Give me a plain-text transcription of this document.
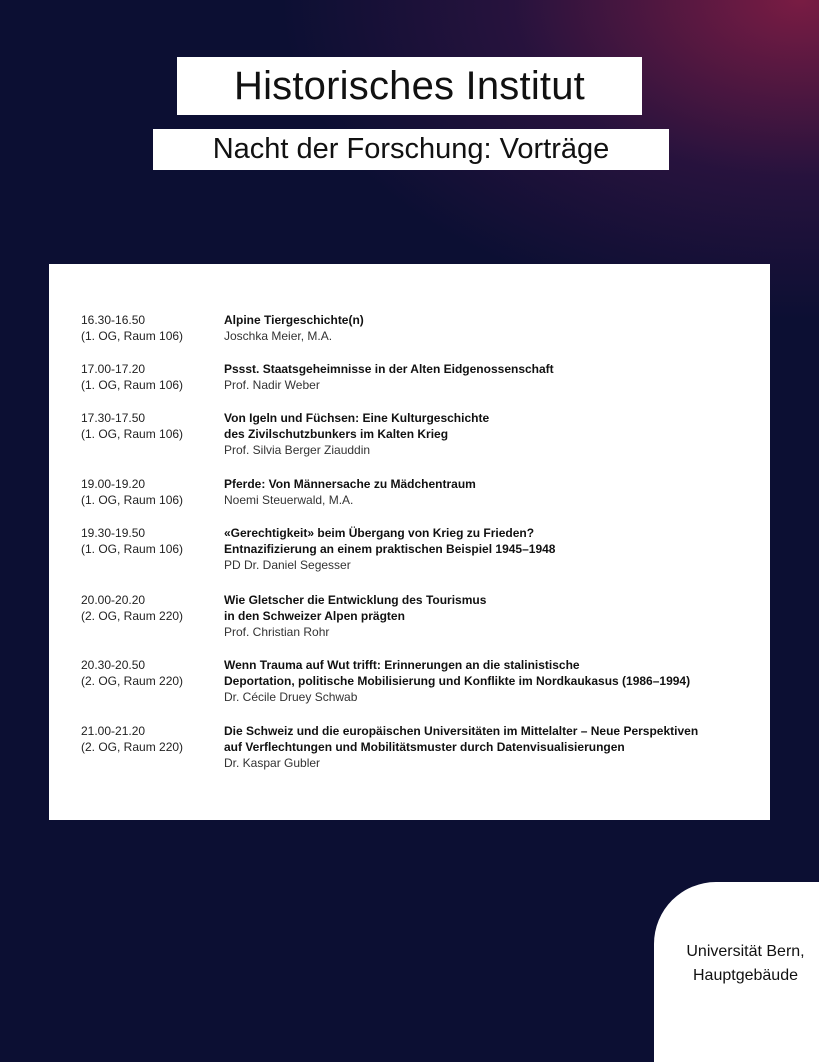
Historisches Institut
Nacht der Forschung: Vorträge
16.30-16.50
(1. OG, Raum 106)
Alpine Tiergeschichte(n)
Joschka Meier, M.A.
17.00-17.20
(1. OG, Raum 106)
Pssst. Staatsgeheimnisse in der Alten Eidgenossenschaft
Prof. Nadir Weber
17.30-17.50
(1. OG, Raum 106)
Von Igeln und Füchsen: Eine Kulturgeschichte
des Zivilschutzbunkers im Kalten Krieg
Prof. Silvia Berger Ziauddin
19.00-19.20
(1. OG, Raum 106)
Pferde: Von Männersache zu Mädchentraum
Noemi Steuerwald, M.A.
19.30-19.50
(1. OG, Raum 106)
«Gerechtigkeit» beim Übergang von Krieg zu Frieden?
Entnazifizierung an einem praktischen Beispiel 1945–1948
PD Dr. Daniel Segesser
20.00-20.20
(2. OG, Raum 220)
Wie Gletscher die Entwicklung des Tourismus
in den Schweizer Alpen prägten
Prof. Christian Rohr
20.30-20.50
(2. OG, Raum 220)
Wenn Trauma auf Wut trifft: Erinnerungen an die stalinistische
Deportation, politische Mobilisierung und Konflikte im Nordkaukasus (1986–1994)
Dr. Cécile Druey Schwab
21.00-21.20
(2. OG, Raum 220)
Die Schweiz und die europäischen Universitäten im Mittelalter – Neue Perspektiven
auf Verflechtungen und Mobilitätsmuster durch Datenvisualisierungen
Dr. Kaspar Gubler
Universität Bern,
Hauptgebäude
